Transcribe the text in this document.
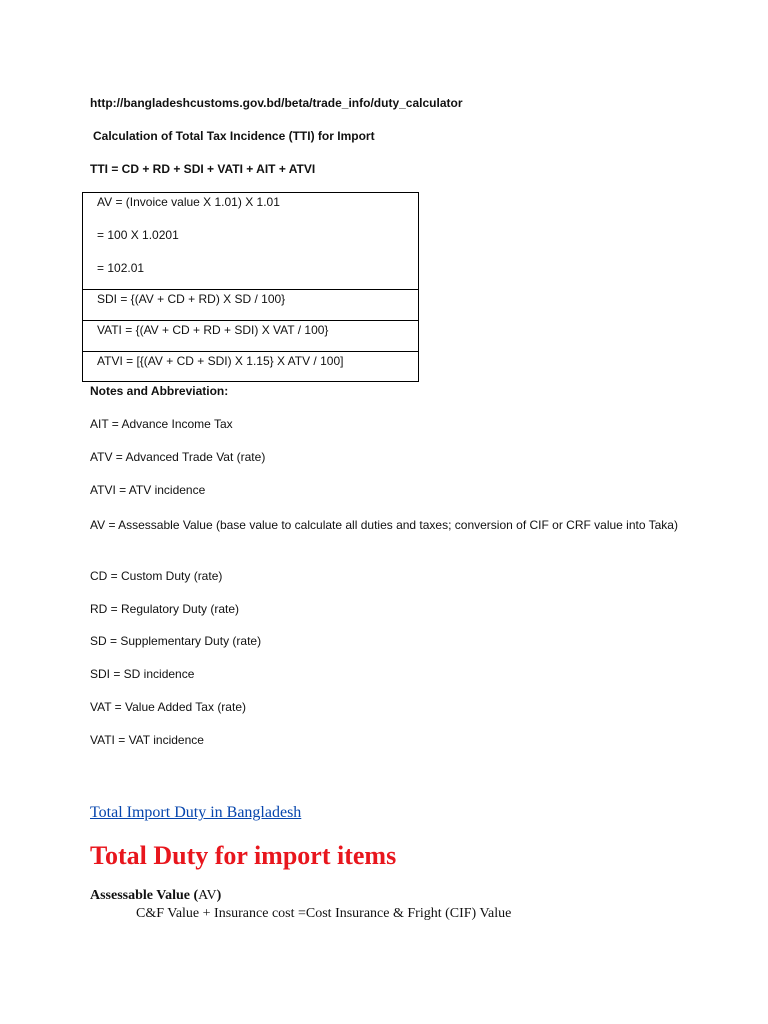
http://bangladeshcustoms.gov.bd/beta/trade_info/duty_calculator
Calculation of Total Tax Incidence (TTI) for Import
TTI = CD + RD + SDI + VATI + AIT + ATVI
AV = (Invoice value X 1.01) X 1.01
= 100 X 1.0201
= 102.01
SDI = {(AV + CD + RD) X SD / 100}
VATI = {(AV + CD + RD + SDI) X VAT / 100}
ATVI = [{(AV + CD + SDI) X 1.15} X ATV / 100]
Notes and Abbreviation:
AIT = Advance Income Tax
ATV = Advanced Trade Vat (rate)
ATVI = ATV incidence
AV = Assessable Value (base value to calculate all duties and taxes; conversion of CIF or CRF value into Taka)
CD = Custom Duty (rate)
RD = Regulatory Duty (rate)
SD = Supplementary Duty (rate)
SDI = SD incidence
VAT = Value Added Tax (rate)
VATI = VAT incidence
Total Import Duty in Bangladesh
Total Duty for import items
Assessable Value (AV)
C&F Value + Insurance cost =Cost Insurance & Fright (CIF) Value
